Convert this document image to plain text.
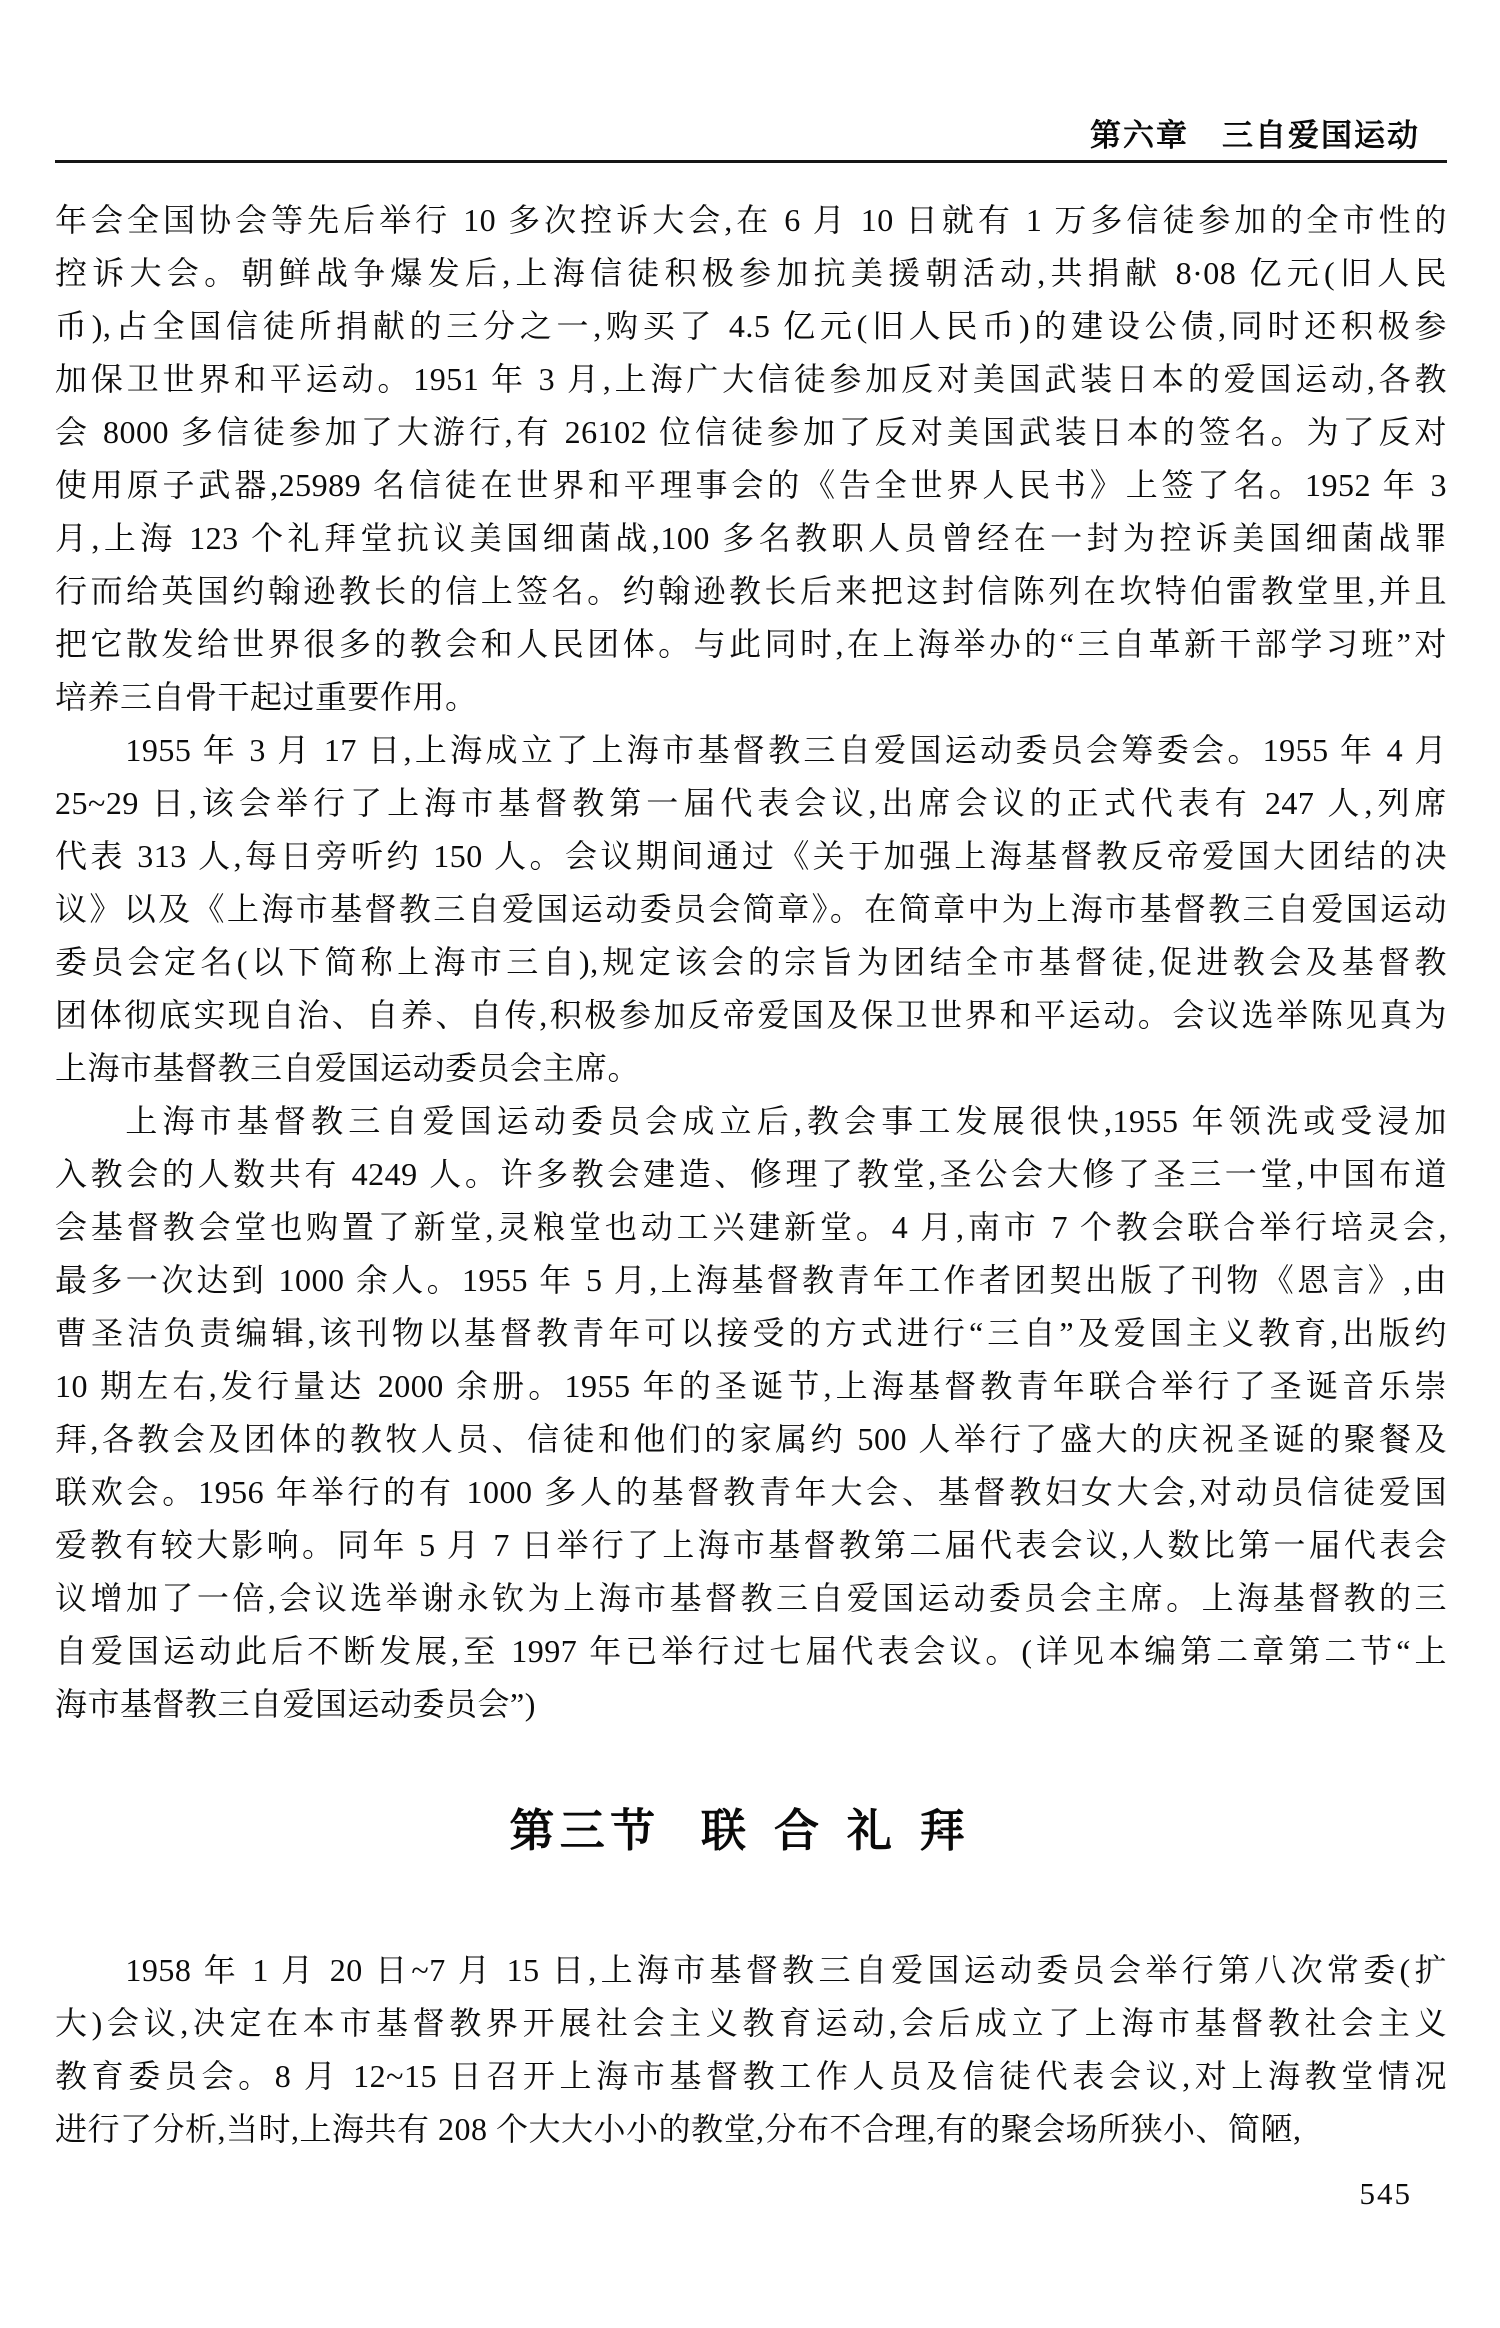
第六章　三自爱国运动
年会全国协会等先后举行 10 多次控诉大会,在 6 月 10 日就有 1 万多信徒参加的全市性的
控诉大会。朝鲜战争爆发后,上海信徒积极参加抗美援朝活动,共捐献 8·08 亿元(旧人民
币),占全国信徒所捐献的三分之一,购买了 4.5 亿元(旧人民币)的建设公债,同时还积极参
加保卫世界和平运动。1951 年 3 月,上海广大信徒参加反对美国武装日本的爱国运动,各教
会 8000 多信徒参加了大游行,有 26102 位信徒参加了反对美国武装日本的签名。为了反对
使用原子武器,25989 名信徒在世界和平理事会的《告全世界人民书》上签了名。1952 年 3
月,上海 123 个礼拜堂抗议美国细菌战,100 多名教职人员曾经在一封为控诉美国细菌战罪
行而给英国约翰逊教长的信上签名。约翰逊教长后来把这封信陈列在坎特伯雷教堂里,并且
把它散发给世界很多的教会和人民团体。与此同时,在上海举办的“三自革新干部学习班”对
培养三自骨干起过重要作用。
1955 年 3 月 17 日,上海成立了上海市基督教三自爱国运动委员会筹委会。1955 年 4 月
25~29 日,该会举行了上海市基督教第一届代表会议,出席会议的正式代表有 247 人,列席
代表 313 人,每日旁听约 150 人。会议期间通过《关于加强上海基督教反帝爱国大团结的决
议》以及《上海市基督教三自爱国运动委员会简章》。在简章中为上海市基督教三自爱国运动
委员会定名(以下简称上海市三自),规定该会的宗旨为团结全市基督徒,促进教会及基督教
团体彻底实现自治、自养、自传,积极参加反帝爱国及保卫世界和平运动。会议选举陈见真为
上海市基督教三自爱国运动委员会主席。
上海市基督教三自爱国运动委员会成立后,教会事工发展很快,1955 年领洗或受浸加
入教会的人数共有 4249 人。许多教会建造、修理了教堂,圣公会大修了圣三一堂,中国布道
会基督教会堂也购置了新堂,灵粮堂也动工兴建新堂。4 月,南市 7 个教会联合举行培灵会,
最多一次达到 1000 余人。1955 年 5 月,上海基督教青年工作者团契出版了刊物《恩言》,由
曹圣洁负责编辑,该刊物以基督教青年可以接受的方式进行“三自”及爱国主义教育,出版约
10 期左右,发行量达 2000 余册。1955 年的圣诞节,上海基督教青年联合举行了圣诞音乐崇
拜,各教会及团体的教牧人员、信徒和他们的家属约 500 人举行了盛大的庆祝圣诞的聚餐及
联欢会。1956 年举行的有 1000 多人的基督教青年大会、基督教妇女大会,对动员信徒爱国
爱教有较大影响。同年 5 月 7 日举行了上海市基督教第二届代表会议,人数比第一届代表会
议增加了一倍,会议选举谢永钦为上海市基督教三自爱国运动委员会主席。上海基督教的三
自爱国运动此后不断发展,至 1997 年已举行过七届代表会议。(详见本编第二章第二节“上
海市基督教三自爱国运动委员会”)
第三节 联合礼拜
1958 年 1 月 20 日~7 月 15 日,上海市基督教三自爱国运动委员会举行第八次常委(扩
大)会议,决定在本市基督教界开展社会主义教育运动,会后成立了上海市基督教社会主义
教育委员会。8 月 12~15 日召开上海市基督教工作人员及信徒代表会议,对上海教堂情况
进行了分析,当时,上海共有 208 个大大小小的教堂,分布不合理,有的聚会场所狭小、简陋,
545
